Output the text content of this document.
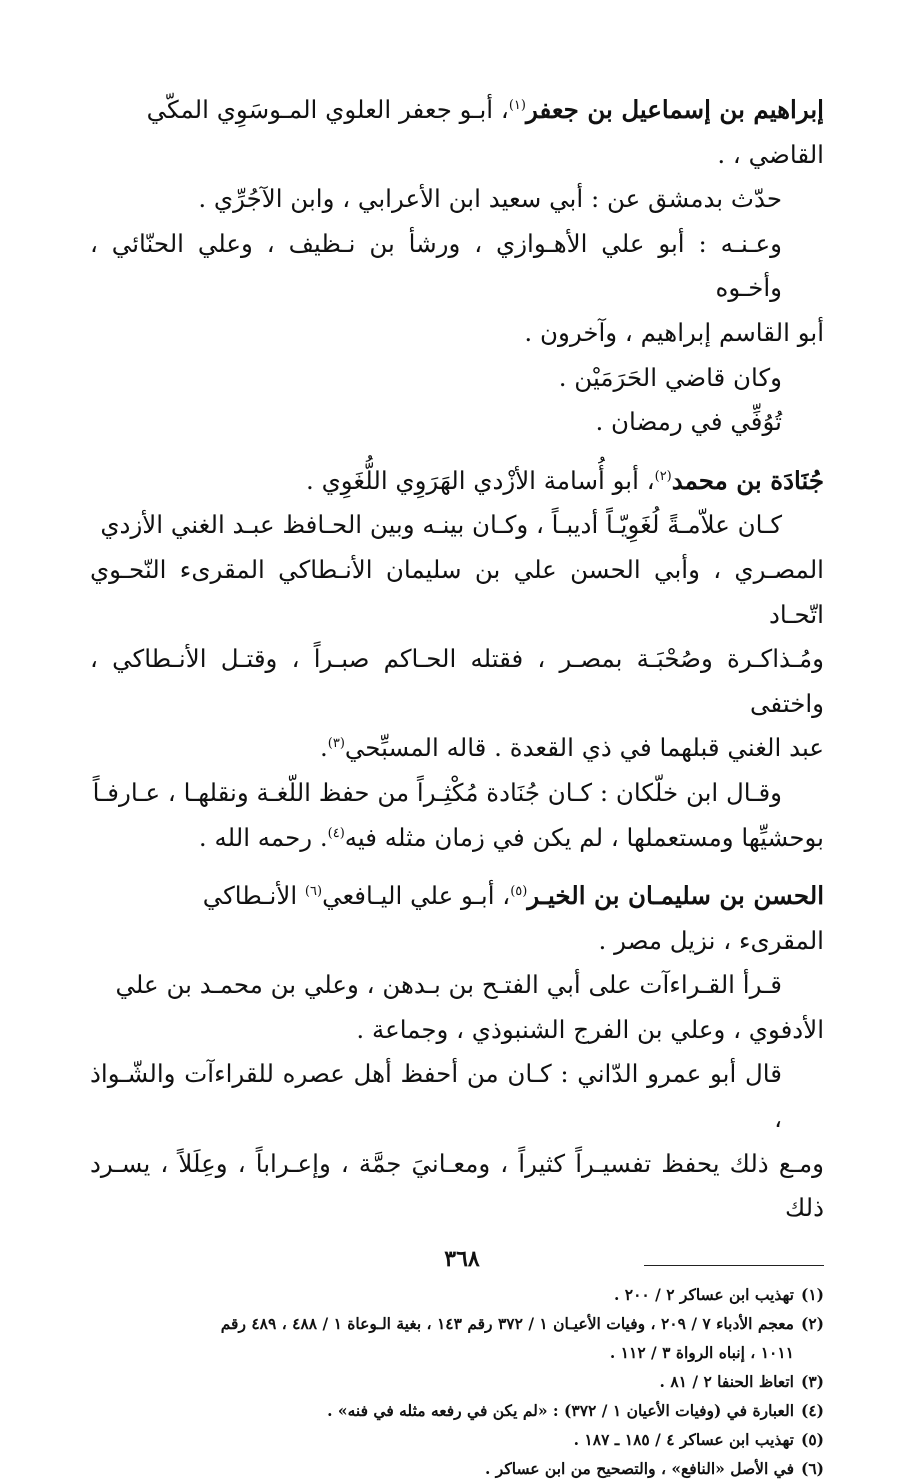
إبراهيم بن إسماعيل بن جعفر$^{(١)}$، أبـو جعفر العلوي المـوسَوِي المكّي
القاضي ، .
حدّث بدمشق عن : أبي سعيد ابن الأعرابي ، وابن الآجُرِّي .
وعـنـه : أبو علي الأهـوازي ، ورشأ بن نـظيف ، وعلي الحنّائي ، وأخـوه
أبو القاسم إبراهيم ، وآخرون .
وكان قاضي الحَرَمَيْن .
تُوُفِّي في رمضان .
جُنَادَة بن محمد$^{(٢)}$، أبو أُسامة الأزْدي الهَرَوِي اللُّغَوِي .
كـان علاّمـةً لُغَوِيّـاً أديبـاً ، وكـان بينـه وبين الحـافظ عبـد الغني الأزدي
المصـري ، وأبي الحسن علي بن سليمان الأنـطاكي المقرىء النّحـوي اتّحـاد
ومُـذاكـرة وصُحْبَـة بمصـر ، فقتله الحـاكم صبـراً ، وقتـل الأنـطاكي ، واختفى
عبد الغني قبلهما في ذي القعدة . قاله المسبِّحي$^{(٣)}$.
وقـال ابن خلّكان : كـان جُنَادة مُكْثِـراً من حفظ اللّغـة ونقلهـا ، عـارفـاً
بوحشيِّها ومستعملها ، لم يكن في زمان مثله فيه$^{(٤)}$. رحمه الله .
الحسن بن سليمـان بن الخيـر$^{(٥)}$، أبـو علي اليـافعي$^{(٦)}$ الأنـطاكي
المقرىء ، نزيل مصر .
قـرأ القـراءآت على أبي الفتـح بن بـدهن ، وعلي بن محمـد بن علي
الأدفوي ، وعلي بن الفرج الشنبوذي ، وجماعة .
قال أبو عمرو الدّاني : كـان من أحفظ أهل عصره للقراءآت والشّـواذ ،
ومـع ذلك يحفظ تفسيـراً كثيراً ، ومعـانيَ جمَّة ، وإعـراباً ، وعِلَلاً ، يسـرد ذلك
(١)تهذيب ابن عساكر ٢ / ٢٠٠ .
(٢)معجم الأدباء ٧ / ٢٠٩ ، وفيات الأعيـان ١ / ٣٧٢ رقم ١٤٣ ، بغية الـوعاة ١ / ٤٨٨ ، ٤٨٩ رقم
١٠١١ ، إنباه الرواة ٣ / ١١٢ .
(٣)اتعاظ الحنفا ٢ / ٨١ .
(٤)العبارة في (وفيات الأعيان ١ / ٣٧٢) : «لم يكن في رفعه مثله في فنه» .
(٥)تهذيب ابن عساكر ٤ / ١٨٥ ـ ١٨٧ .
(٦)في الأصل «النافع» ، والتصحيح من ابن عساكر .
٣٦٨
